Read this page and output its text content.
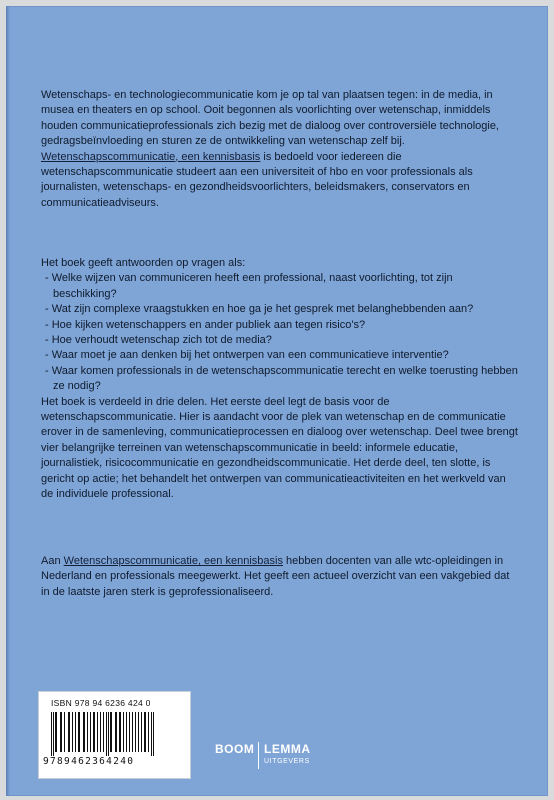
Wetenschaps- en technologiecommunicatie kom je op tal van plaatsen tegen: in de media, in musea en theaters en op school. Ooit begonnen als voorlichting over wetenschap, inmiddels houden communicatieprofessionals zich bezig met de dialoog over controversiële technologie, gedragsbeïnvloeding en sturen ze de ontwikkeling van wetenschap zelf bij.

Wetenschapscommunicatie, een kennisbasis is bedoeld voor iedereen die wetenschapscommunicatie studeert aan een universiteit of hbo en voor professionals als journalisten, wetenschaps- en gezondheidsvoorlichters, beleidsmakers, conservators en communicatieadviseurs.

Het boek geeft antwoorden op vragen als:

- Welke wijzen van communiceren heeft een professional, naast voorlichting, tot zijn beschikking?
- Wat zijn complexe vraagstukken en hoe ga je het gesprek met belanghebbenden aan?
- Hoe kijken wetenschappers en ander publiek aan tegen risico's?
- Hoe verhoudt wetenschap zich tot de media?
- Waar moet je aan denken bij het ontwerpen van een communicatieve interventie?
- Waar komen professionals in de wetenschapscommunicatie terecht en welke toerusting hebben ze nodig?

Het boek is verdeeld in drie delen. Het eerste deel legt de basis voor de wetenschapscommunicatie. Hier is aandacht voor de plek van wetenschap en de communicatie erover in de samenleving, communicatieprocessen en dialoog over wetenschap. Deel twee brengt vier belangrijke terreinen van wetenschapscommunicatie in beeld: informele educatie, journalistiek, risicocommunicatie en gezondheidscommunicatie. Het derde deel, ten slotte, is gericht op actie; het behandelt het ontwerpen van communicatieactiviteiten en het werkveld van de individuele professional.

Aan Wetenschapscommunicatie, een kennisbasis hebben docenten van alle wtc-opleidingen in Nederland en professionals meegewerkt. Het geeft een actueel overzicht van een vakgebied dat in de laatste jaren sterk is geprofessionaliseerd.

ISBN 978 94 6236 424 0
9789462364240
BOOM LEMMA
UITGEVERS
